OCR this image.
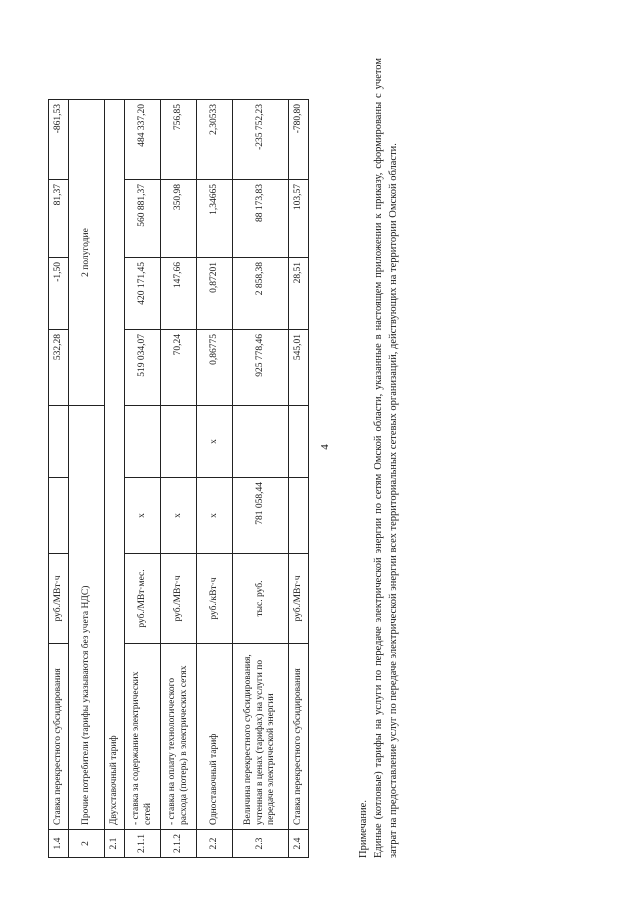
4
1.4	Ставка перекрестного субсидирования	руб./МВт·ч			532,28	-1,50	81,37	-861,53
2	Прочие потребители (тарифы указываются без учета НДС)				2 полугодие			
2.1	Двухставочный тариф							
2.1.1	- ставка за содержание электрических сетей	руб./МВт·мес.	x		519 034,07	420 171,45	560 881,37	484 337,20
2.1.2	- ставка на оплату технологического расхода (потерь) в электрических сетях	руб./МВт·ч	x		70,24	147,66	350,98	756,85
2.2	Одноставочный тариф	руб./кВт·ч	x	x	0,86775	0,87201	1,34665	2,30533
2.3	Величина перекрестного субсидирования, учтенная в ценах (тарифах) на услуги по передаче электрической энергии	тыс. руб.	781 058,44		925 778,46	2 858,38	88 173,83	-235 752,23
2.4	Ставка перекрестного субсидирования	руб./МВт·ч			545,01	28,51	103,57	-780,80

Примечание. Единые (котловые) тарифы на услуги по передаче электрической энергии по сетям Омской области, указанные в настоящем приложении к приказу, сформированы с учетом затрат на предоставление услуг по передаче электрической энергии всех территориальных сетевых организаций, действующих на территории Омской области.
